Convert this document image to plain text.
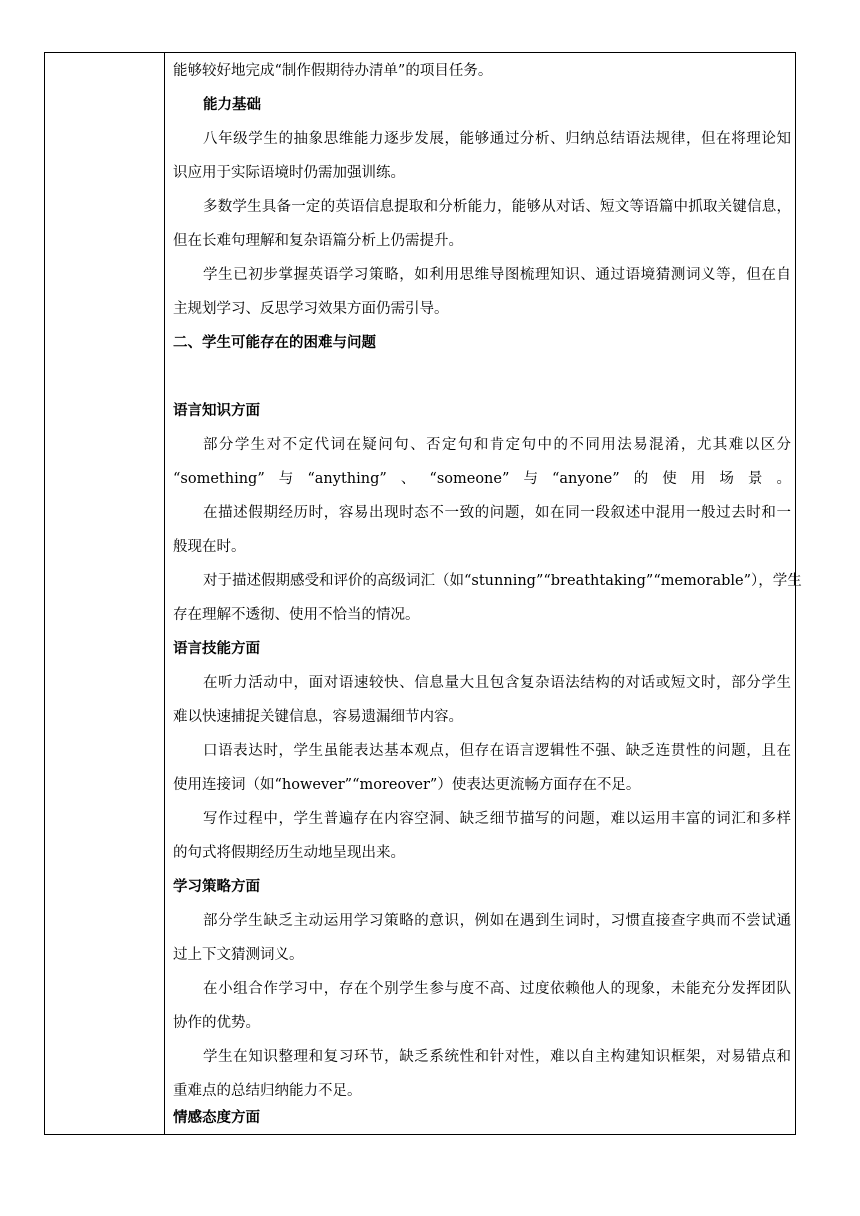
能够较好地完成“制作假期待办清单”的项目任务。
能力基础
八年级学生的抽象思维能力逐步发展，能够通过分析、归纳总结语法规律，但在将理论知
识应用于实际语境时仍需加强训练。
多数学生具备一定的英语信息提取和分析能力，能够从对话、短文等语篇中抓取关键信息，
但在长难句理解和复杂语篇分析上仍需提升。
学生已初步掌握英语学习策略，如利用思维导图梳理知识、通过语境猜测词义等，但在自
主规划学习、反思学习效果方面仍需引导。
二、学生可能存在的困难与问题
语言知识方面
部分学生对不定代词在疑问句、否定句和肯定句中的不同用法易混淆，尤其难以区分
“something”与“anything”、“someone”与“anyone”的使用场景。
在描述假期经历时，容易出现时态不一致的问题，如在同一段叙述中混用一般过去时和一
般现在时。
对于描述假期感受和评价的高级词汇（如“stunning”“breathtaking”“memorable”），学生
存在理解不透彻、使用不恰当的情况。
语言技能方面
在听力活动中，面对语速较快、信息量大且包含复杂语法结构的对话或短文时，部分学生
难以快速捕捉关键信息，容易遗漏细节内容。
口语表达时，学生虽能表达基本观点，但存在语言逻辑性不强、缺乏连贯性的问题，且在
使用连接词（如“however”“moreover”）使表达更流畅方面存在不足。
写作过程中，学生普遍存在内容空洞、缺乏细节描写的问题，难以运用丰富的词汇和多样
的句式将假期经历生动地呈现出来。
学习策略方面
部分学生缺乏主动运用学习策略的意识，例如在遇到生词时，习惯直接查字典而不尝试通
过上下文猜测词义。
在小组合作学习中，存在个别学生参与度不高、过度依赖他人的现象，未能充分发挥团队
协作的优势。
学生在知识整理和复习环节，缺乏系统性和针对性，难以自主构建知识框架，对易错点和
重难点的总结归纳能力不足。
情感态度方面
